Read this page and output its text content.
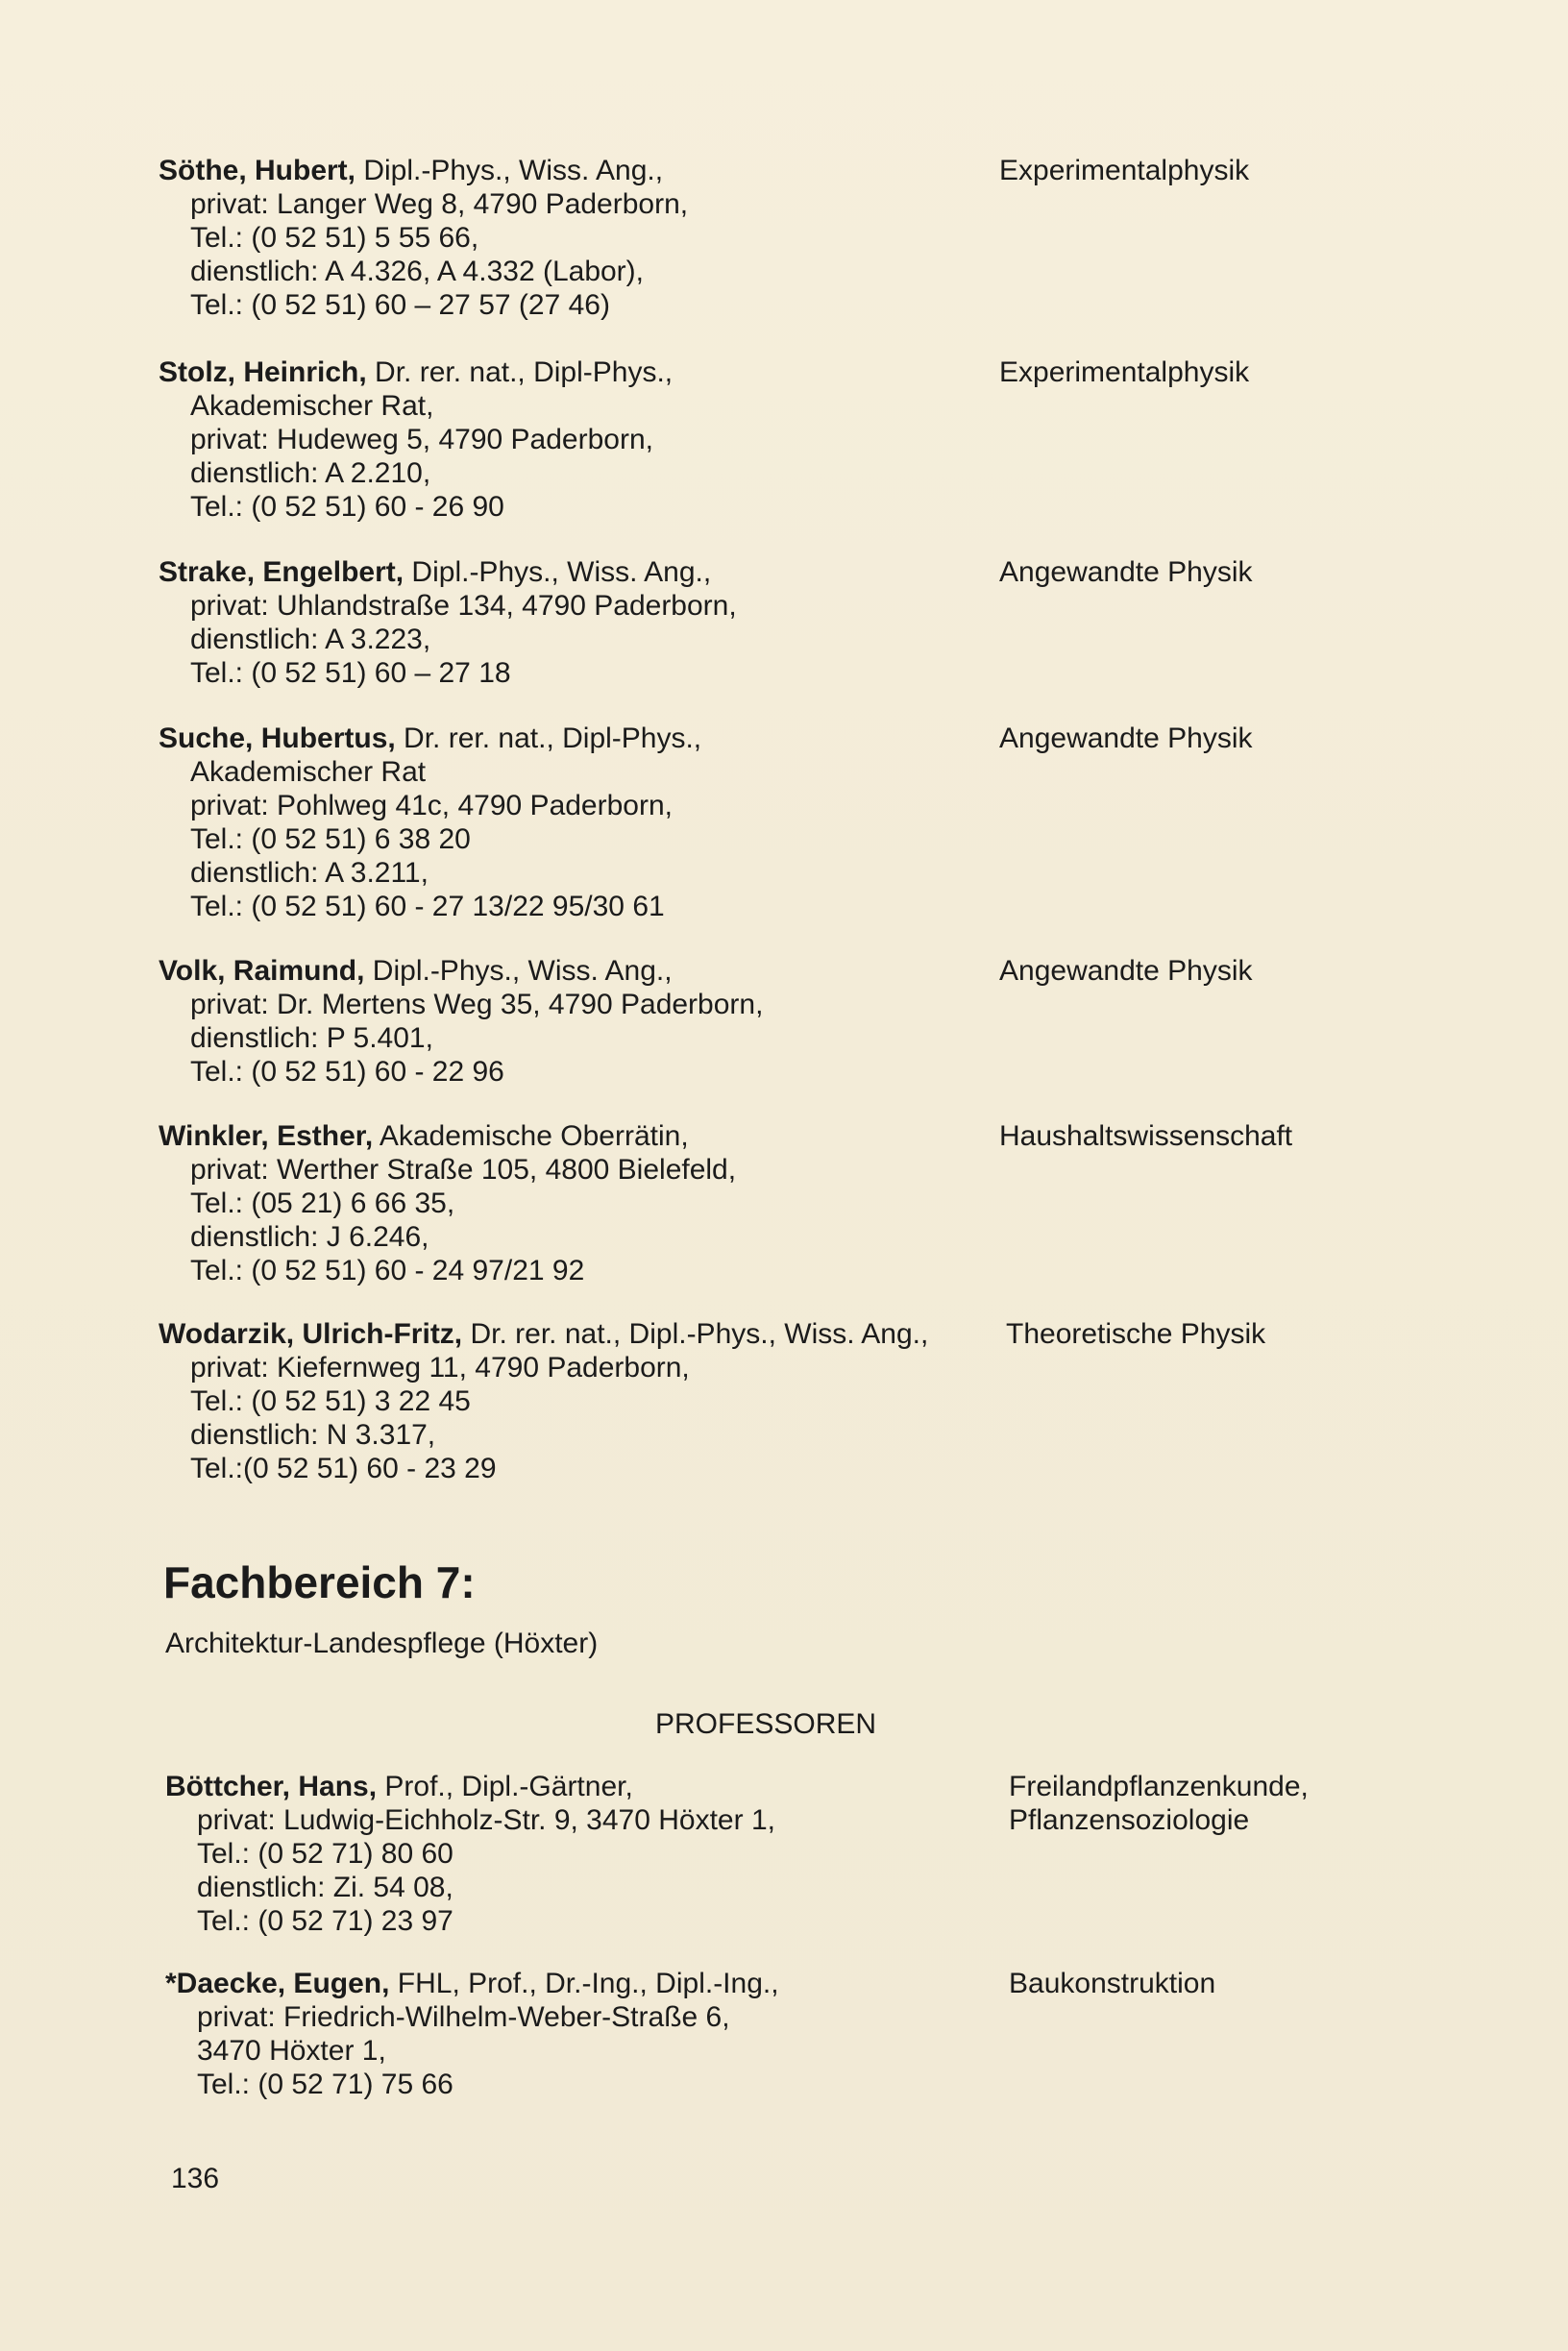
Söthe, Hubert, Dipl.-Phys., Wiss. Ang.,
privat: Langer Weg 8, 4790 Paderborn,
Tel.: (0 52 51) 5 55 66,
dienstlich: A 4.326, A 4.332 (Labor),
Tel.: (0 52 51) 60 – 27 57 (27 46)
Experimentalphysik
Stolz, Heinrich, Dr. rer. nat., Dipl-Phys.,
Akademischer Rat,
privat: Hudeweg 5, 4790 Paderborn,
dienstlich: A 2.210,
Tel.: (0 52 51) 60 - 26 90
Experimentalphysik
Strake, Engelbert, Dipl.-Phys., Wiss. Ang.,
privat: Uhlandstraße 134, 4790 Paderborn,
dienstlich: A 3.223,
Tel.: (0 52 51) 60 – 27 18
Angewandte Physik
Suche, Hubertus, Dr. rer. nat., Dipl-Phys.,
Akademischer Rat
privat: Pohlweg 41c, 4790 Paderborn,
Tel.: (0 52 51) 6 38 20
dienstlich: A 3.211,
Tel.: (0 52 51) 60 - 27 13/22 95/30 61
Angewandte Physik
Volk, Raimund, Dipl.-Phys., Wiss. Ang.,
privat: Dr. Mertens Weg 35, 4790 Paderborn,
dienstlich: P 5.401,
Tel.: (0 52 51) 60 - 22 96
Angewandte Physik
Winkler, Esther, Akademische Oberrätin,
privat: Werther Straße 105, 4800 Bielefeld,
Tel.: (05 21) 6 66 35,
dienstlich: J 6.246,
Tel.: (0 52 51) 60 - 24 97/21 92
Haushaltswissenschaft
Wodarzik, Ulrich-Fritz, Dr. rer. nat., Dipl.-Phys., Wiss. Ang.,
privat: Kiefernweg 11, 4790 Paderborn,
Tel.: (0 52 51) 3 22 45
dienstlich: N 3.317,
Tel.:(0 52 51) 60 - 23 29
Theoretische Physik
Fachbereich 7:
Architektur-Landespflege (Höxter)
PROFESSOREN
Böttcher, Hans, Prof., Dipl.-Gärtner,
privat: Ludwig-Eichholz-Str. 9, 3470 Höxter 1,
Tel.: (0 52 71) 80 60
dienstlich: Zi. 54 08,
Tel.: (0 52 71) 23 97
Freilandpflanzenkunde,
Pflanzensoziologie
*Daecke, Eugen, FHL, Prof., Dr.-Ing., Dipl.-Ing.,
privat: Friedrich-Wilhelm-Weber-Straße 6,
3470 Höxter 1,
Tel.: (0 52 71) 75 66
Baukonstruktion
136
